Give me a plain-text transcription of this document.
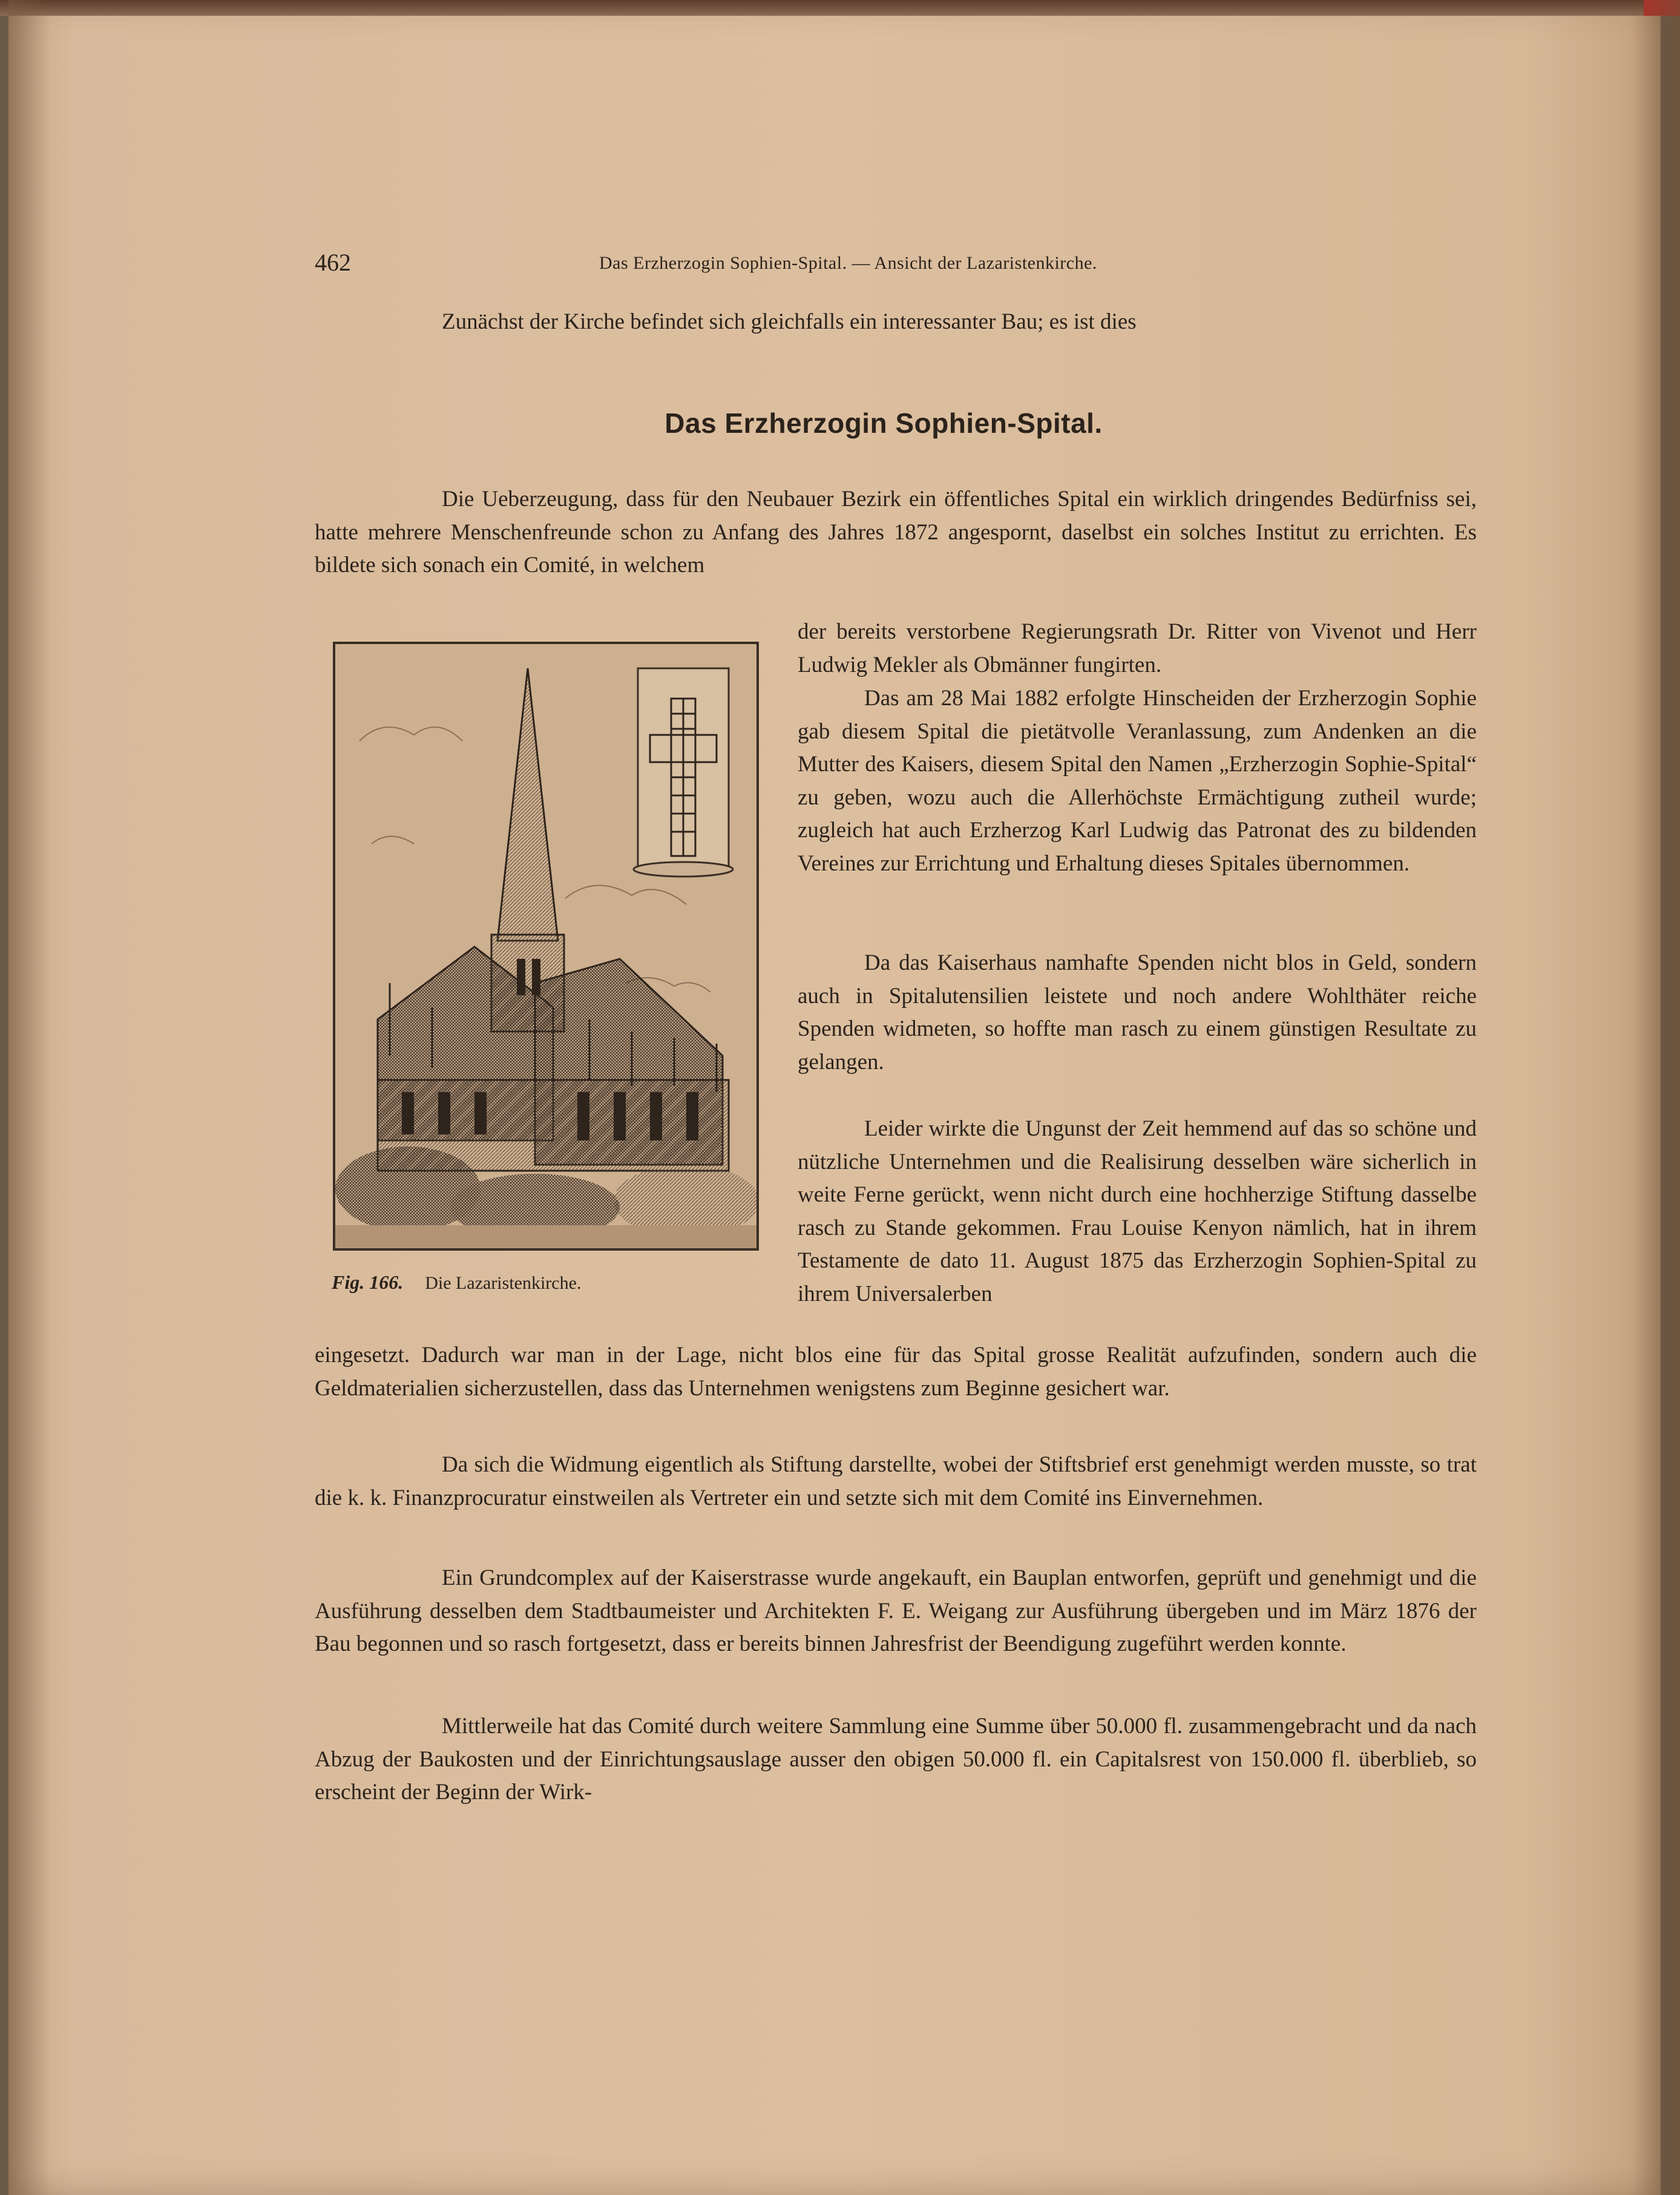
462	Das Erzherzogin Sophien-Spital. — Ansicht der Lazaristenkirche.

Zunächst der Kirche befindet sich gleichfalls ein interessanter Bau; es ist dies

Das Erzherzogin Sophien-Spital.

Die Ueberzeugung, dass für den Neubauer Bezirk ein öffentliches Spital ein wirklich dringendes Bedürfniss sei, hatte mehrere Menschenfreunde schon zu Anfang des Jahres 1872 angespornt, daselbst ein solches Institut zu errichten. Es bildete sich sonach ein Comité, in welchem

der bereits verstorbene Regierungsrath Dr. Ritter von Vivenot und Herr Ludwig Mekler als Obmänner fungirten.

Das am 28 Mai 1882 erfolgte Hinscheiden der Erzherzogin Sophie gab diesem Spital die pietätvolle Veranlassung, zum Andenken an die Mutter des Kaisers, diesem Spital den Namen „Erzherzogin Sophie-Spital“ zu geben, wozu auch die Allerhöchste Ermächtigung zutheil wurde; zugleich hat auch Erzherzog Karl Ludwig das Patronat des zu bildenden Vereines zur Errichtung und Erhaltung dieses Spitales übernommen.

Da das Kaiserhaus namhafte Spenden nicht blos in Geld, sondern auch in Spitalutensilien leistete und noch andere Wohlthäter reiche Spenden widmeten, so hoffte man rasch zu einem günstigen Resultate zu gelangen.

Leider wirkte die Ungunst der Zeit hemmend auf das so schöne und nützliche Unternehmen und die Realisirung desselben wäre sicherlich in weite Ferne gerückt, wenn nicht durch eine hochherzige Stiftung dasselbe rasch zu Stande gekommen. Frau Louise Kenyon nämlich, hat in ihrem Testamente de dato 11. August 1875 das Erzherzogin Sophien-Spital zu ihrem Universalerben

eingesetzt. Dadurch war man in der Lage, nicht blos eine für das Spital grosse Realität aufzufinden, sondern auch die Geldmaterialien sicherzustellen, dass das Unternehmen wenigstens zum Beginne gesichert war.

Da sich die Widmung eigentlich als Stiftung darstellte, wobei der Stiftsbrief erst genehmigt werden musste, so trat die k. k. Finanzprocuratur einstweilen als Vertreter ein und setzte sich mit dem Comité ins Einvernehmen.

Ein Grundcomplex auf der Kaiserstrasse wurde angekauft, ein Bauplan entworfen, geprüft und genehmigt und die Ausführung desselben dem Stadtbaumeister und Architekten F. E. Weigang zur Ausführung übergeben und im März 1876 der Bau begonnen und so rasch fortgesetzt, dass er bereits binnen Jahresfrist der Beendigung zugeführt werden konnte.

Mittlerweile hat das Comité durch weitere Sammlung eine Summe über 50.000 fl. zusammengebracht und da nach Abzug der Baukosten und der Einrichtungsauslage ausser den obigen 50.000 fl. ein Capitalsrest von 150.000 fl. überblieb, so erscheint der Beginn der Wirk-

Fig. 166. Die Lazaristenkirche.
